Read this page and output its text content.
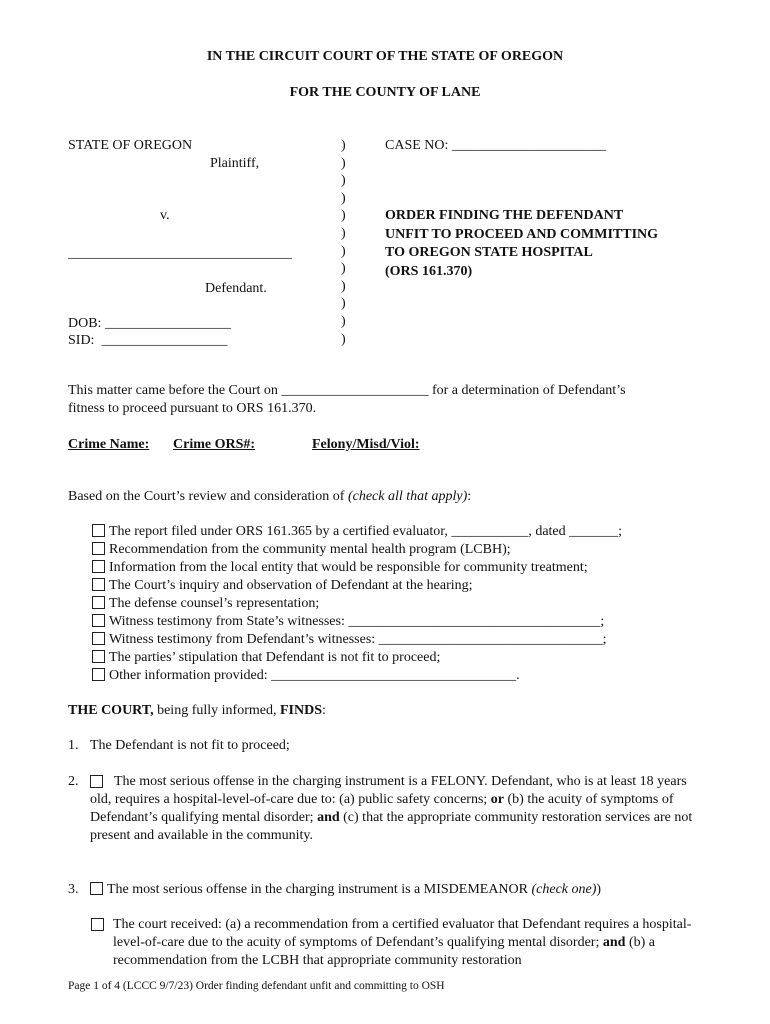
IN THE CIRCUIT COURT OF THE STATE OF OREGON
FOR THE COUNTY OF LANE
STATE OF OREGON
Plaintiff,
v.
________________________________
Defendant.
DOB: __________________
SID: __________________
)
)
)
)
)
)
)
)
)
)
)
)
CASE NO: ______________________
ORDER FINDING THE DEFENDANT
UNFIT TO PROCEED AND COMMITTING
TO OREGON STATE HOSPITAL
(ORS 161.370)
This matter came before the Court on _____________________ for a determination of Defendant’s
fitness to proceed pursuant to ORS 161.370.
Crime Name: Crime ORS#:	Felony/Misd/Viol:
Based on the Court’s review and consideration of (check all that apply):
The report filed under ORS 161.365 by a certified evaluator, ___________, dated _______;
Recommendation from the community mental health program (LCBH);
Information from the local entity that would be responsible for community treatment;
The Court’s inquiry and observation of Defendant at the hearing;
The defense counsel’s representation;
Witness testimony from State’s witnesses: ____________________________________;
Witness testimony from Defendant’s witnesses: ________________________________;
The parties’ stipulation that Defendant is not fit to proceed;
Other information provided: ___________________________________.
THE COURT, being fully informed, FINDS:
1. The Defendant is not fit to proceed;
2.	The most serious offense in the charging instrument is a FELONY. Defendant, who is at least 18 years old, requires a hospital-level-of-care due to: (a) public safety concerns; or (b) the acuity of symptoms of Defendant’s qualifying mental disorder; and (c) that the appropriate community restoration services are not present and available in the community.
3.	The most serious offense in the charging instrument is a MISDEMEANOR (check one))
The court received: (a) a recommendation from a certified evaluator that Defendant requires a hospital-level-of-care due to the acuity of symptoms of Defendant’s qualifying mental disorder; and (b) a recommendation from the LCBH that appropriate community restoration
Page 1 of 4 (LCCC 9/7/23) Order finding defendant unfit and committing to OSH
